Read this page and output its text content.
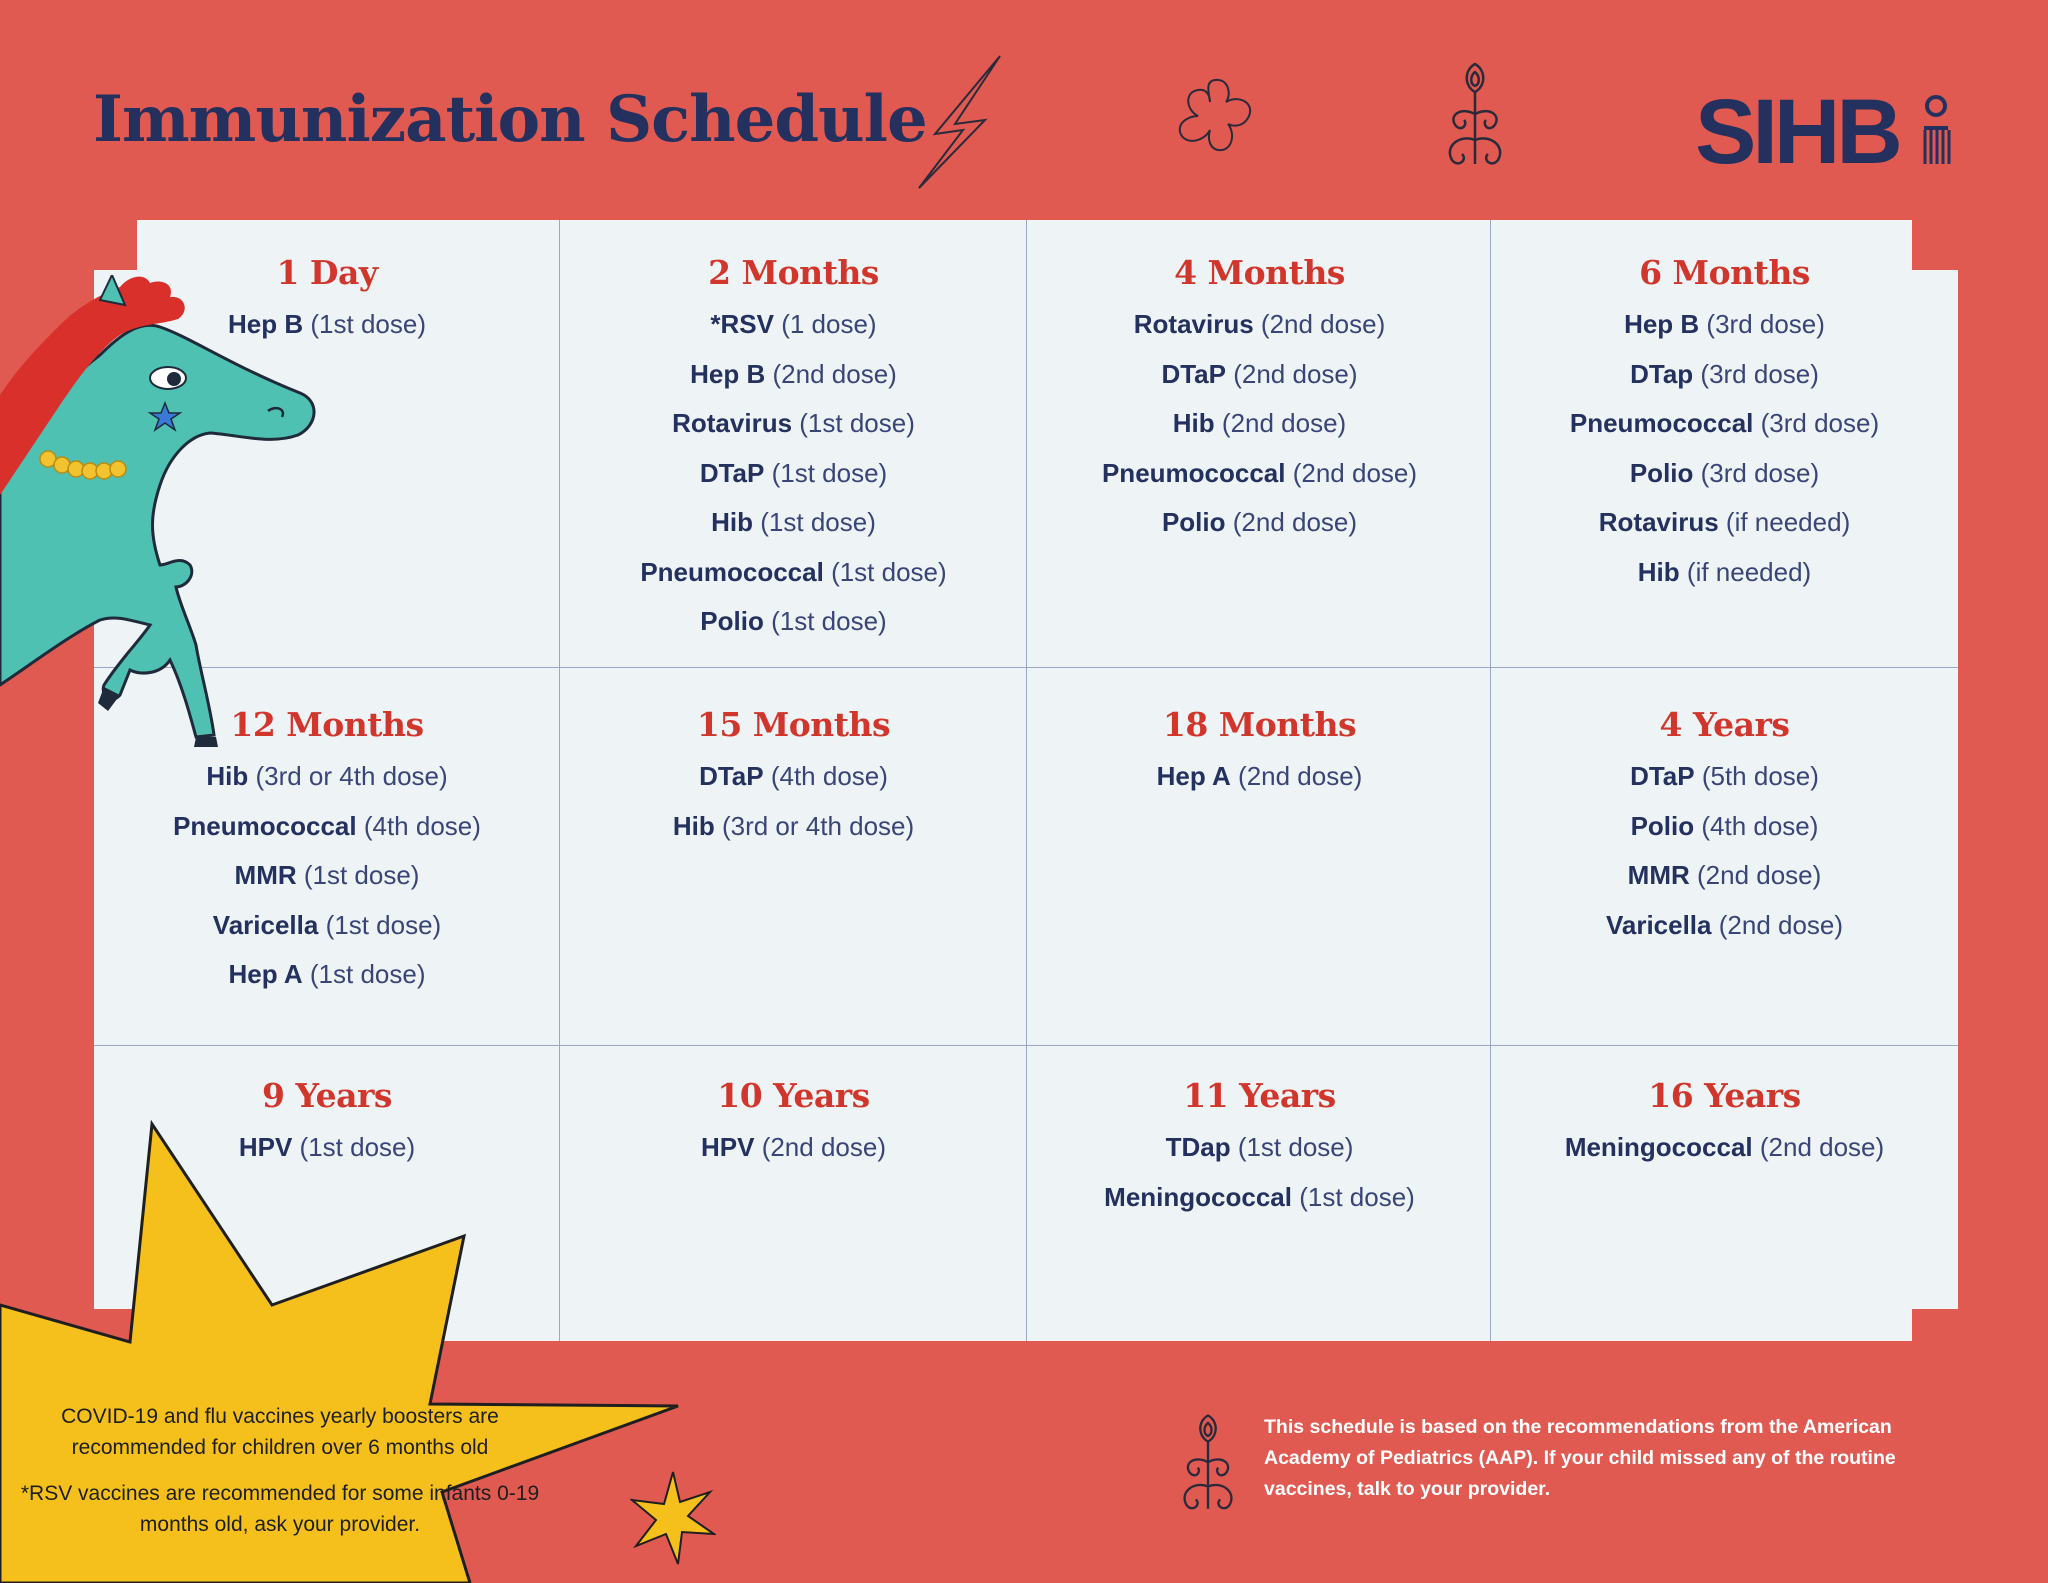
Immunization Schedule	SIHB
1 Day
Hep B (1st dose)
2 Months
*RSV (1 dose)
Hep B (2nd dose)
Rotavirus (1st dose)
DTaP (1st dose)
Hib (1st dose)
Pneumococcal (1st dose)
Polio (1st dose)
4 Months
Rotavirus (2nd dose)
DTaP (2nd dose)
Hib (2nd dose)
Pneumococcal (2nd dose)
Polio (2nd dose)
6 Months
Hep B (3rd dose)
DTap (3rd dose)
Pneumococcal (3rd dose)
Polio (3rd dose)
Rotavirus (if needed)
Hib (if needed)
12 Months
Hib (3rd or 4th dose)
Pneumococcal (4th dose)
MMR (1st dose)
Varicella (1st dose)
Hep A (1st dose)
15 Months
DTaP (4th dose)
Hib (3rd or 4th dose)
18 Months
Hep A (2nd dose)
4 Years
DTaP (5th dose)
Polio (4th dose)
MMR (2nd dose)
Varicella (2nd dose)
9 Years
HPV (1st dose)
10 Years
HPV (2nd dose)
11 Years
TDap (1st dose)
Meningococcal (1st dose)
16 Years
Meningococcal (2nd dose)
COVID-19 and flu vaccines yearly boosters are recommended for children over 6 months old
*RSV vaccines are recommended for some infants 0-19 months old, ask your provider.
This schedule is based on the recommendations from the American Academy of Pediatrics (AAP). If your child missed any of the routine vaccines, talk to your provider.
